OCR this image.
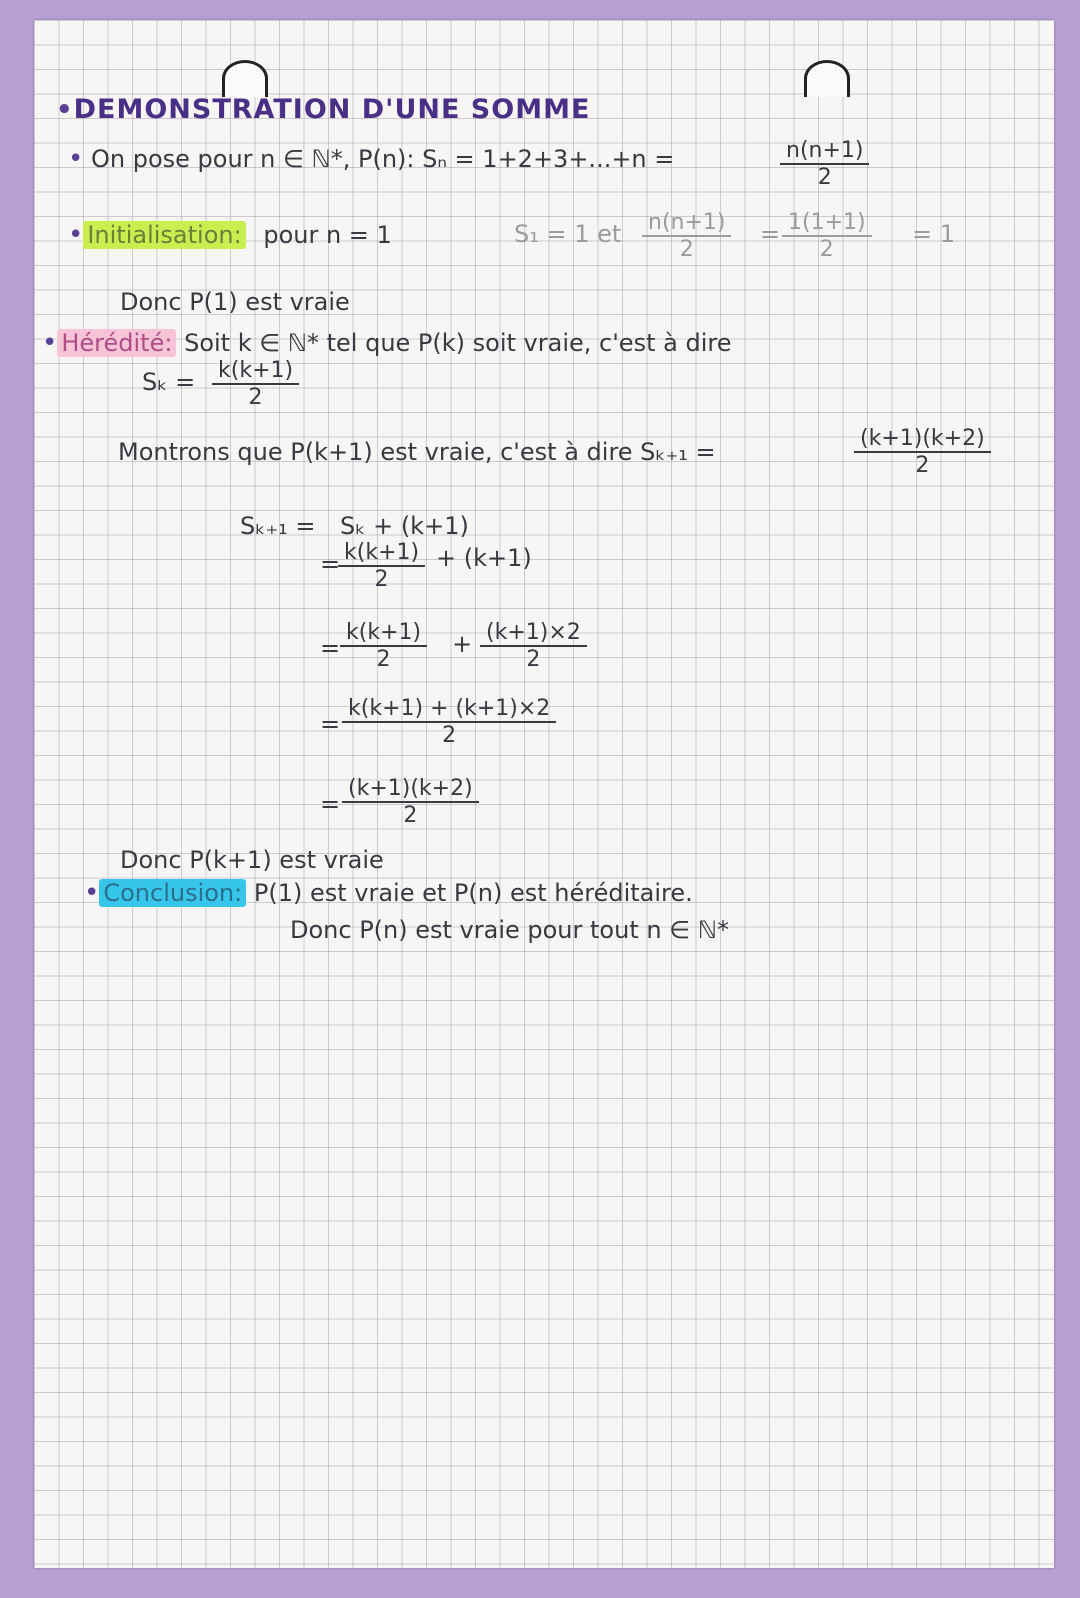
•DEMONSTRATION D'UNE SOMME
• On pose pour n ∈ ℕ*, P(n): Sₙ = 1+2+3+...+n =	$\frac{n(n+1)}{2}$
• Initialisation: pour n = 1	S₁ = 1 et $\frac{n(n+1)}{2} = \frac{1(1+1)}{2} = 1$
Donc P(1) est vraie
• Hérédité: Soit k ∈ ℕ* tel que P(k) soit vraie, c'est à dire
$S_k = \frac{k(k+1)}{2}$
Montrons que P(k+1) est vraie, c'est à dire Sₖ₊₁ =	$\frac{(k+1)(k+2)}{2}$
Sₖ₊₁ = Sₖ + (k+1)
=
$\frac{k(k+1)}{2} + (k+1)$
= $\frac{k(k+1)}{2} + \frac{(k+1)\times 2}{2}$
= $\frac{k(k+1) + (k+1)\times 2}{2}$
= $\frac{(k+1)(k+2)}{2}$
Donc P(k+1) est vraie
• Conclusion: P(1) est vraie et P(n) est héréditaire.
Donc P(n) est vraie pour tout n ∈ ℕ*
